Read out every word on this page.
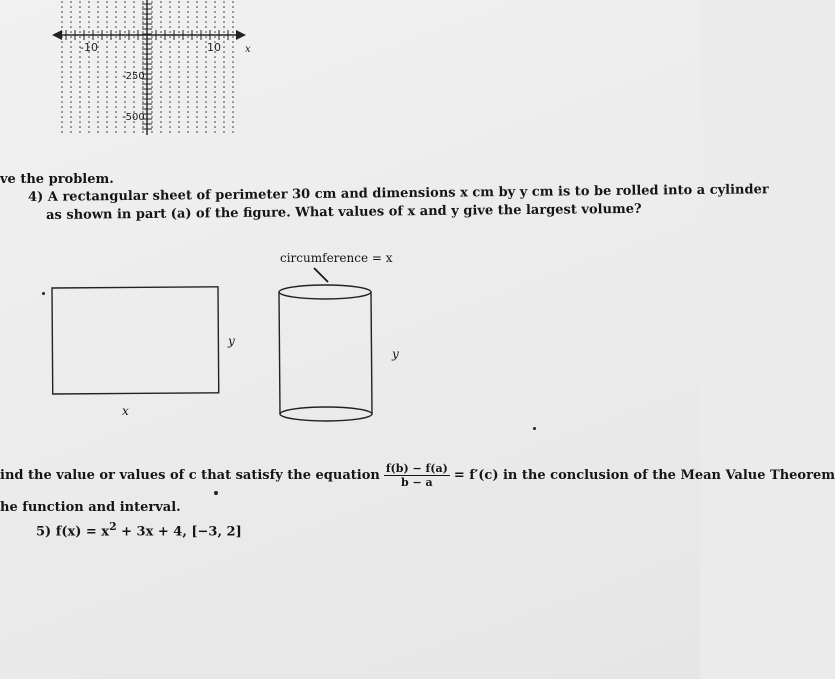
-10	10 x
-250
-500
ve the problem.
4) A rectangular sheet of perimeter 30 cm and dimensions x cm by y cm is to be rolled into a cylinder
as shown in part (a) of the figure. What values of x and y give the largest volume?
circumference = x
y
x
y
ind the value or values of c that satisfy the equation $\frac{f(b) - f(a)}{b - a} = f'(c)$ in the conclusion of the Mean Value Theorem
he function and interval.
5) $f(x) = x^2 + 3x + 4$, [−3, 2]
